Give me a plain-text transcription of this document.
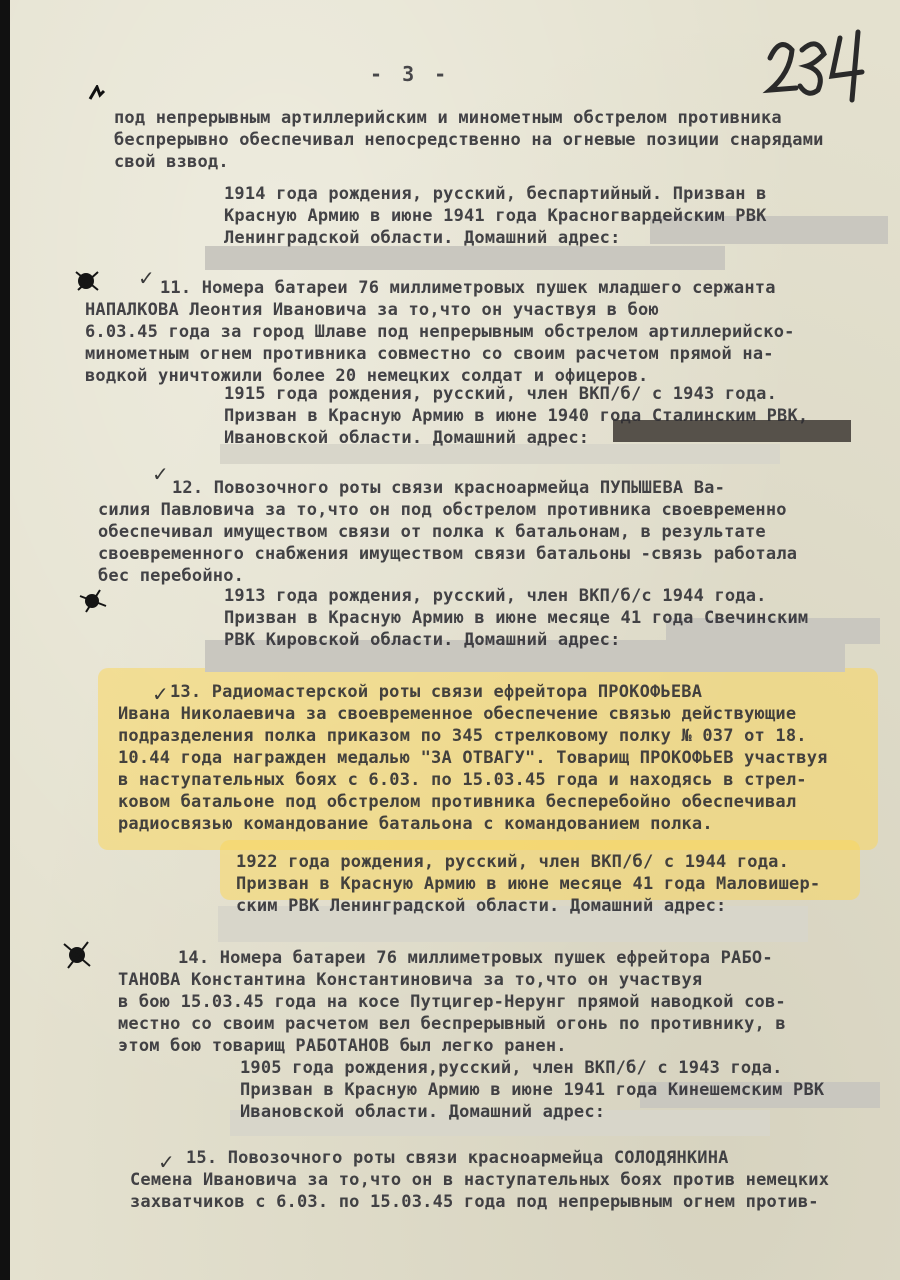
- 3 -
✓
✓
✓
✓
под непрерывным артиллерийским и минометным обстрелом противника
беспрерывно обеспечивал непосредственно на огневые позиции снарядами
свой взвод.
1914 года рождения, русский, беспартийный. Призван в
Красную Армию в июне 1941 года Красногвардейским РВК
Ленинградской области. Домашний адрес:
11. Номера батареи 76 миллиметровых пушек младшего сержанта
НАПАЛКОВА Леонтия Ивановича за то,что он участвуя в бою
6.03.45 года за город Шлаве под непрерывным обстрелом артиллерийско-
минометным огнем противника совместно со своим расчетом прямой на-
водкой уничтожили более 20 немецких солдат и офицеров.
1915 года рождения, русский, член ВКП/б/ с 1943 года.
Призван в Красную Армию в июне 1940 года Сталинским РВК,
Ивановской области. Домашний адрес:
12. Повозочного роты связи красноармейца ПУПЫШЕВА Ва-
силия Павловича за то,что он под обстрелом противника своевременно
обеспечивал имуществом связи от полка к батальонам, в результате
своевременного снабжения имуществом связи батальоны -связь работала
бес перебойно.
1913 года рождения, русский, член ВКП/б/с 1944 года.
Призван в Красную Армию в июне месяце 41 года Свечинским
РВК Кировской области. Домашний адрес:
13. Радиомастерской роты связи ефрейтора ПРОКОФЬЕВА
Ивана Николаевича за своевременное обеспечение связью действующие
подразделения полка приказом по 345 стрелковому полку № 037 от 18.
10.44 года награжден медалью "ЗА ОТВАГУ". Товарищ ПРОКОФЬЕВ участвуя
в наступательных боях с 6.03. по 15.03.45 года и находясь в стрел-
ковом батальоне под обстрелом противника бесперебойно обеспечивал
радиосвязью командование батальона с командованием полка.
1922 года рождения, русский, член ВКП/б/ с 1944 года.
Призван в Красную Армию в июне месяце 41 года Маловишер-
ским РВК Ленинградской области. Домашний адрес:
14. Номера батареи 76 миллиметровых пушек ефрейтора РАБО-
ТАНОВА Константина Константиновича за то,что он участвуя
в бою 15.03.45 года на косе Путцигер-Нерунг прямой наводкой сов-
местно со своим расчетом вел беспрерывный огонь по противнику, в
этом бою товарищ РАБОТАНОВ был легко ранен.
1905 года рождения,русский, член ВКП/б/ с 1943 года.
Призван в Красную Армию в июне 1941 года Кинешемским РВК
Ивановской области. Домашний адрес:
15. Повозочного роты связи красноармейца СОЛОДЯНКИНА
Семена Ивановича за то,что он в наступательных боях против немецких
захватчиков с 6.03. по 15.03.45 года под непрерывным огнем против-
